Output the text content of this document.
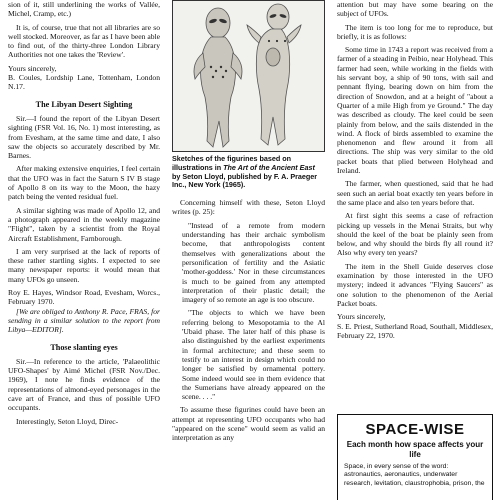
sion of it, still underlining the works of Vallée, Michel, Cramp, etc.)

It is, of course, true that not all libraries are so well stocked. Moreover, as far as I have been able to find out, of the thirty-three London Library Authorities not one takes the 'Review'.

Yours sincerely,

B. Coules, Lordship Lane, Tottenham, London N.17.

The Libyan Desert Sighting

Sir.—I found the report of the Libyan Desert sighting (FSR Vol. 16, No. 1) most interesting, as from Evesham, at the same time and date, I also saw the objects so accurately described by Mr. Barnes.

After making extensive enquiries, I feel certain that the UFO was in fact the Saturn S IV B stage of Apollo 8 on its way to the Moon, the hazy patch being the vented residual fuel.

A similar sighting was made of Apollo 12, and a photograph appeared in the weekly magazine "Flight", taken by a scientist from the Royal Aircraft Establishment, Farnborough.

I am very surprised at the lack of reports of these rather startling sights. I expected to see many newspaper reports: it would mean that many UFOs go unseen.

Roy E. Hayes, Windsor Road, Evesham, Worcs., February 1970.

[We are obliged to Anthony R. Pace, FRAS, for sending in a similar solution to the report from Libya—EDITOR].

Those slanting eyes

Sir.—In reference to the article, 'Palaeolithic UFO-Shapes' by Aimé Michel (FSR Nov./Dec. 1969), I note he finds evidence of the representations of almond-eyed personages in the cave art of France, and thus of possible UFO occupants.

Interestingly, Seton Lloyd, Direc-

Sketches of the figurines based on illustrations in The Art of the Ancient East by Seton Lloyd, published by F. A. Praeger Inc., New York (1965).

Concerning himself with these, Seton Lloyd writes (p. 25):

"Instead of a remote from modern understanding has their archaic symbolism become, that anthropologists content themselves with generalizations about the personification of fertility and the Asiatic 'mother-goddess.' Nor in these circumstances is much to be gained from any attempted interpretation of their plastic detail; the imagery of so remote an age is too obscure.

"The objects to which we have been referring belong to Mesopotamia to the Al 'Ubaid phase. The later half of this phase is also distinguished by the earliest experiments in formal architecture; and these seem to testify to an interest in design which could no longer be satisfied by ornamental pottery. Some indeed would see in them evidence that the Sumerians have already appeared on the scene. . . ."

To assume these figurines could have been an attempt at representing UFO occupants who had "appeared on the scene" would seem as valid an interpretation as any

attention but may have some bearing on the subject of UFOs.

The item is too long for me to reproduce, but briefly, it is as follows:

Some time in 1743 a report was received from a farmer of a steading in Peibio, near Holyhead. This farmer had seen, while working in the fields with his servant boy, a ship of 90 tons, with sail and pennant flying, bearing down on him from the direction of Snowdon, and at a height of "about a Quarter of a mile High from ye Ground." The day was described as cloudy. The keel could be seen plainly from below, and the sails distended in the wind. A flock of birds assembled to examine the phenomenon and flew around it from all directions. The ship was very similar to the old packet boats that plied between Holyhead and Ireland.

The farmer, when questioned, said that he had seen such an aerial boat exactly ten years before in the same place and also ten years before that.

At first sight this seems a case of refraction picking up vessels in the Menai Straits, but why should the keel of the boat be plainly seen from below, and why should the birds fly all round it? Also why every ten years?

The item in the Shell Guide deserves close examination by those interested in the UFO mystery; indeed it advances "Flying Saucers" as one solution to the phenomenon of the Aerial Packet boats.

Yours sincerely,

S. E. Priest, Sutherland Road, Southall, Middlesex, February 22, 1970.

SPACE-WISE
Each month how space affects your life
Space, in every sense of the word: astronautics, aeronautics, underwater research, levitation, claustrophobia, prison, the
